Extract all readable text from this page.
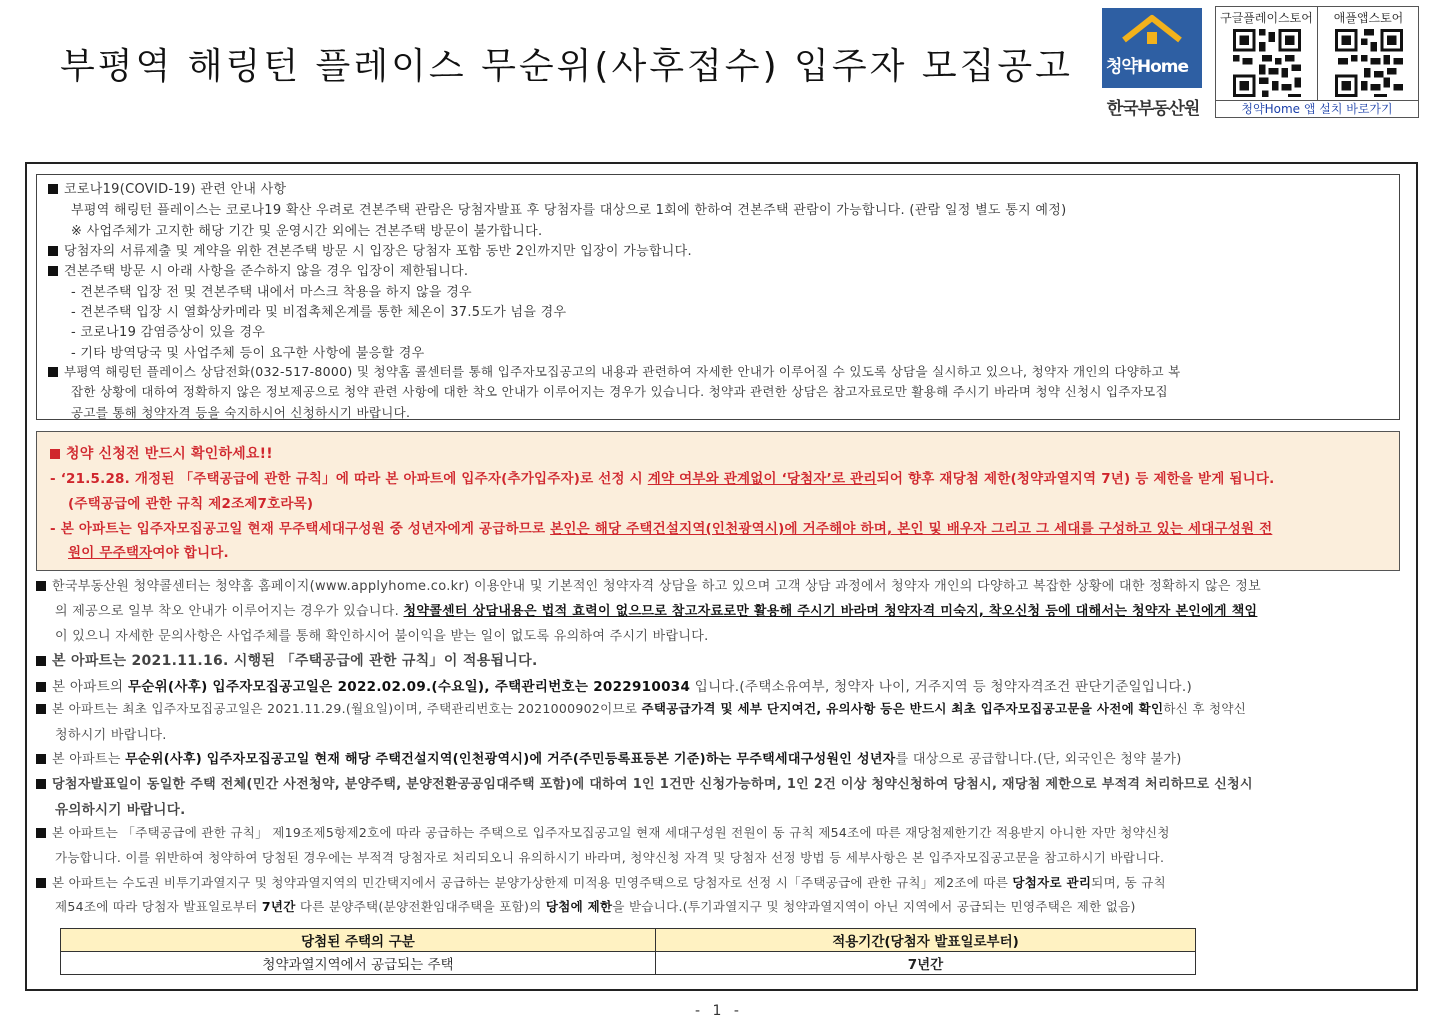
부평역 해링턴 플레이스 무순위(사후접수) 입주자 모집공고 청약Home
한국부동산원
구글플레이스토어	애플앱스토어
청약Home 앱 설치 바로가기
코로나19(COVID-19) 관련 안내 사항
부평역 해링턴 플레이스는 코로나19 확산 우려로 견본주택 관람은 당첨자발표 후 당첨자를 대상으로 1회에 한하여 견본주택 관람이 가능합니다. (관람 일정 별도 통지 예정)
※ 사업주체가 고지한 해당 기간 및 운영시간 외에는 견본주택 방문이 불가합니다.
당첨자의 서류제출 및 계약을 위한 견본주택 방문 시 입장은 당첨자 포함 동반 2인까지만 입장이 가능합니다.
견본주택 방문 시 아래 사항을 준수하지 않을 경우 입장이 제한됩니다.
- 견본주택 입장 전 및 견본주택 내에서 마스크 착용을 하지 않을 경우
- 견본주택 입장 시 열화상카메라 및 비접촉체온계를 통한 체온이 37.5도가 넘을 경우
- 코로나19 감염증상이 있을 경우
- 기타 방역당국 및 사업주체 등이 요구한 사항에 불응할 경우
부평역 해링턴 플레이스 상담전화(032-517-8000) 및 청약홈 콜센터를 통해 입주자모집공고의 내용과 관련하여 자세한 안내가 이루어질 수 있도록 상담을 실시하고 있으나, 청약자 개인의 다양하고 복
잡한 상황에 대하여 정확하지 않은 정보제공으로 청약 관련 사항에 대한 착오 안내가 이루어지는 경우가 있습니다. 청약과 관련한 상담은 참고자료로만 활용해 주시기 바라며 청약 신청시 입주자모집
공고를 통해 청약자격 등을 숙지하시어 신청하시기 바랍니다.
청약 신청전 반드시 확인하세요!!
- ‘21.5.28. 개정된 「주택공급에 관한 규칙」에 따라 본 아파트에 입주자(추가입주자)로 선정 시 계약 여부와 관계없이 ‘당첨자’로 관리되어 향후 재당첨 제한(청약과열지역 7년) 등 제한을 받게 됩니다.
(주택공급에 관한 규칙 제2조제7호라목)
- 본 아파트는 입주자모집공고일 현재 무주택세대구성원 중 성년자에게 공급하므로 본인은 해당 주택건설지역(인천광역시)에 거주해야 하며, 본인 및 배우자 그리고 그 세대를 구성하고 있는 세대구성원 전
원이 무주택자여야 합니다.
한국부동산원 청약콜센터는 청약홈 홈페이지(www.applyhome.co.kr) 이용안내 및 기본적인 청약자격 상담을 하고 있으며 고객 상담 과정에서 청약자 개인의 다양하고 복잡한 상황에 대한 정확하지 않은 정보
의 제공으로 일부 착오 안내가 이루어지는 경우가 있습니다. 청약콜센터 상담내용은 법적 효력이 없으므로 참고자료로만 활용해 주시기 바라며 청약자격 미숙지, 착오신청 등에 대해서는 청약자 본인에게 책임
이 있으니 자세한 문의사항은 사업주체를 통해 확인하시어 불이익을 받는 일이 없도록 유의하여 주시기 바랍니다.
본 아파트는 2021.11.16. 시행된 「주택공급에 관한 규칙」이 적용됩니다.
본 아파트의 무순위(사후) 입주자모집공고일은 2022.02.09.(수요일), 주택관리번호는 2022910034 입니다.(주택소유여부, 청약자 나이, 거주지역 등 청약자격조건 판단기준일입니다.)
본 아파트는 최초 입주자모집공고일은 2021.11.29.(월요일)이며, 주택관리번호는 2021000902이므로 주택공급가격 및 세부 단지여건, 유의사항 등은 반드시 최초 입주자모집공고문을 사전에 확인하신 후 청약신
청하시기 바랍니다.
본 아파트는 무순위(사후) 입주자모집공고일 현재 해당 주택건설지역(인천광역시)에 거주(주민등록표등본 기준)하는 무주택세대구성원인 성년자를 대상으로 공급합니다.(단, 외국인은 청약 불가)
당첨자발표일이 동일한 주택 전체(민간 사전청약, 분양주택, 분양전환공공임대주택 포함)에 대하여 1인 1건만 신청가능하며, 1인 2건 이상 청약신청하여 당첨시, 재당첨 제한으로 부적격 처리하므로 신청시
유의하시기 바랍니다.
본 아파트는 「주택공급에 관한 규칙」 제19조제5항제2호에 따라 공급하는 주택으로 입주자모집공고일 현재 세대구성원 전원이 동 규칙 제54조에 따른 재당첨제한기간 적용받지 아니한 자만 청약신청
가능합니다. 이를 위반하여 청약하여 당첨된 경우에는 부적격 당첨자로 처리되오니 유의하시기 바라며, 청약신청 자격 및 당첨자 선정 방법 등 세부사항은 본 입주자모집공고문을 참고하시기 바랍니다.
본 아파트는 수도권 비투기과열지구 및 청약과열지역의 민간택지에서 공급하는 분양가상한제 미적용 민영주택으로 당첨자로 선정 시「주택공급에 관한 규칙」제2조에 따른 당첨자로 관리되며, 동 규칙
제54조에 따라 당첨자 발표일로부터 7년간 다른 분양주택(분양전환임대주택을 포함)의 당첨에 제한을 받습니다.(투기과열지구 및 청약과열지역이 아닌 지역에서 공급되는 민영주택은 제한 없음)
당첨된 주택의 구분	적용기간(당첨자 발표일로부터)
청약과열지역에서 공급되는 주택	7년간
- 1 -
